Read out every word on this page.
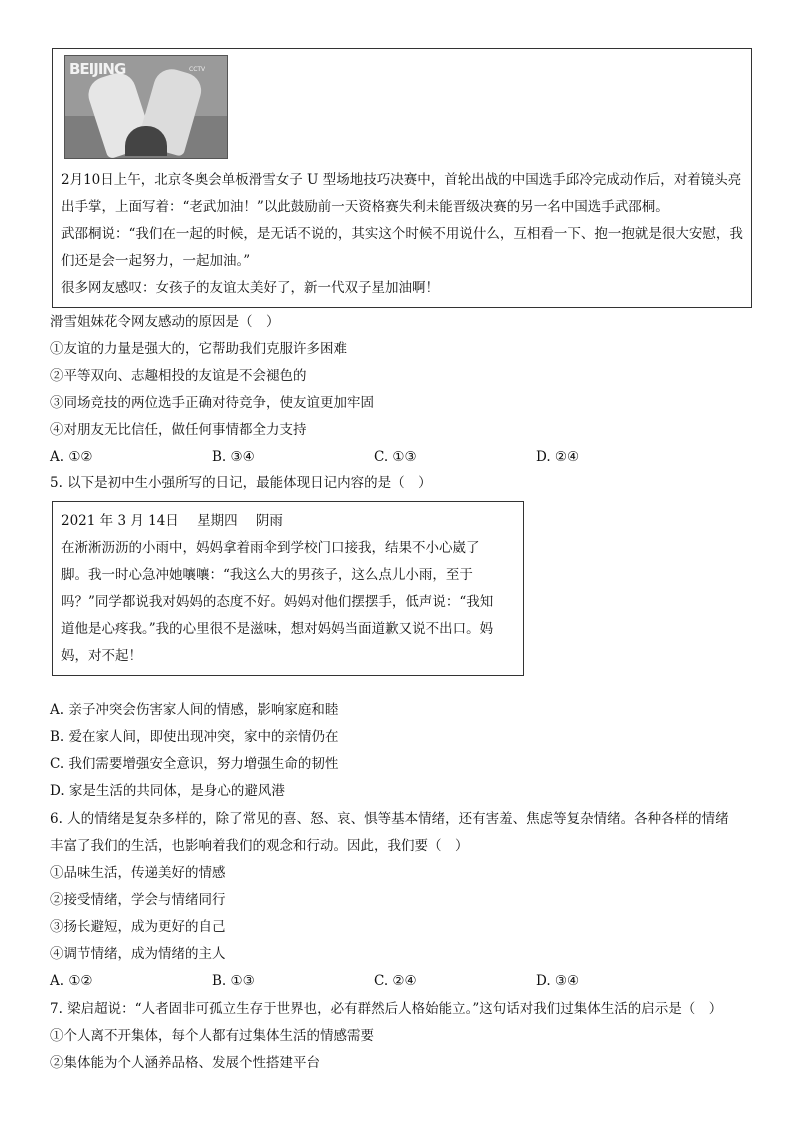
BEIJING	CCTV

2月10日上午，北京冬奥会单板滑雪女子 U 型场地技巧决赛中，首轮出战的中国选手邱冷完成动作后，对着镜头亮出手掌，上面写着：“老武加油！”以此鼓励前一天资格赛失利未能晋级决赛的另一名中国选手武邵桐。

武邵桐说：“我们在一起的时候，是无话不说的，其实这个时候不用说什么，互相看一下、抱一抱就是很大安慰，我们还是会一起努力，一起加油。”

很多网友感叹：女孩子的友谊太美好了，新一代双子星加油啊！

滑雪姐妹花令网友感动的原因是（　）

①友谊的力量是强大的，它帮助我们克服许多困难

②平等双向、志趣相投的友谊是不会褪色的

③同场竞技的两位选手正确对待竞争，使友谊更加牢固

④对朋友无比信任，做任何事情都全力支持

A. ①②	B. ③④	C. ①③	D. ②④

5. 以下是初中生小强所写的日记，最能体现日记内容的是（　）

2021 年 3 月 14日 星期四 阴雨

在淅淅沥沥的小雨中，妈妈拿着雨伞到学校门口接我，结果不小心崴了

脚。我一时心急冲她嚷嚷：“我这么大的男孩子，这么点儿小雨，至于

吗？”同学都说我对妈妈的态度不好。妈妈对他们摆摆手，低声说：“我知

道他是心疼我。”我的心里很不是滋味，想对妈妈当面道歉又说不出口。妈

妈，对不起！

A. 亲子冲突会伤害家人间的情感，影响家庭和睦

B. 爱在家人间，即使出现冲突，家中的亲情仍在

C. 我们需要增强安全意识，努力增强生命的韧性

D. 家是生活的共同体，是身心的避风港

6. 人的情绪是复杂多样的，除了常见的喜、怒、哀、惧等基本情绪，还有害羞、焦虑等复杂情绪。各种各样的情绪

丰富了我们的生活，也影响着我们的观念和行动。因此，我们要（　）

①品味生活，传递美好的情感

②接受情绪，学会与情绪同行

③扬长避短，成为更好的自己

④调节情绪，成为情绪的主人

A. ①②	B. ①③	C. ②④	D. ③④

7. 梁启超说：“人者固非可孤立生存于世界也，必有群然后人格始能立。”这句话对我们过集体生活的启示是（　）

①个人离不开集体，每个人都有过集体生活的情感需要

②集体能为个人涵养品格、发展个性搭建平台
